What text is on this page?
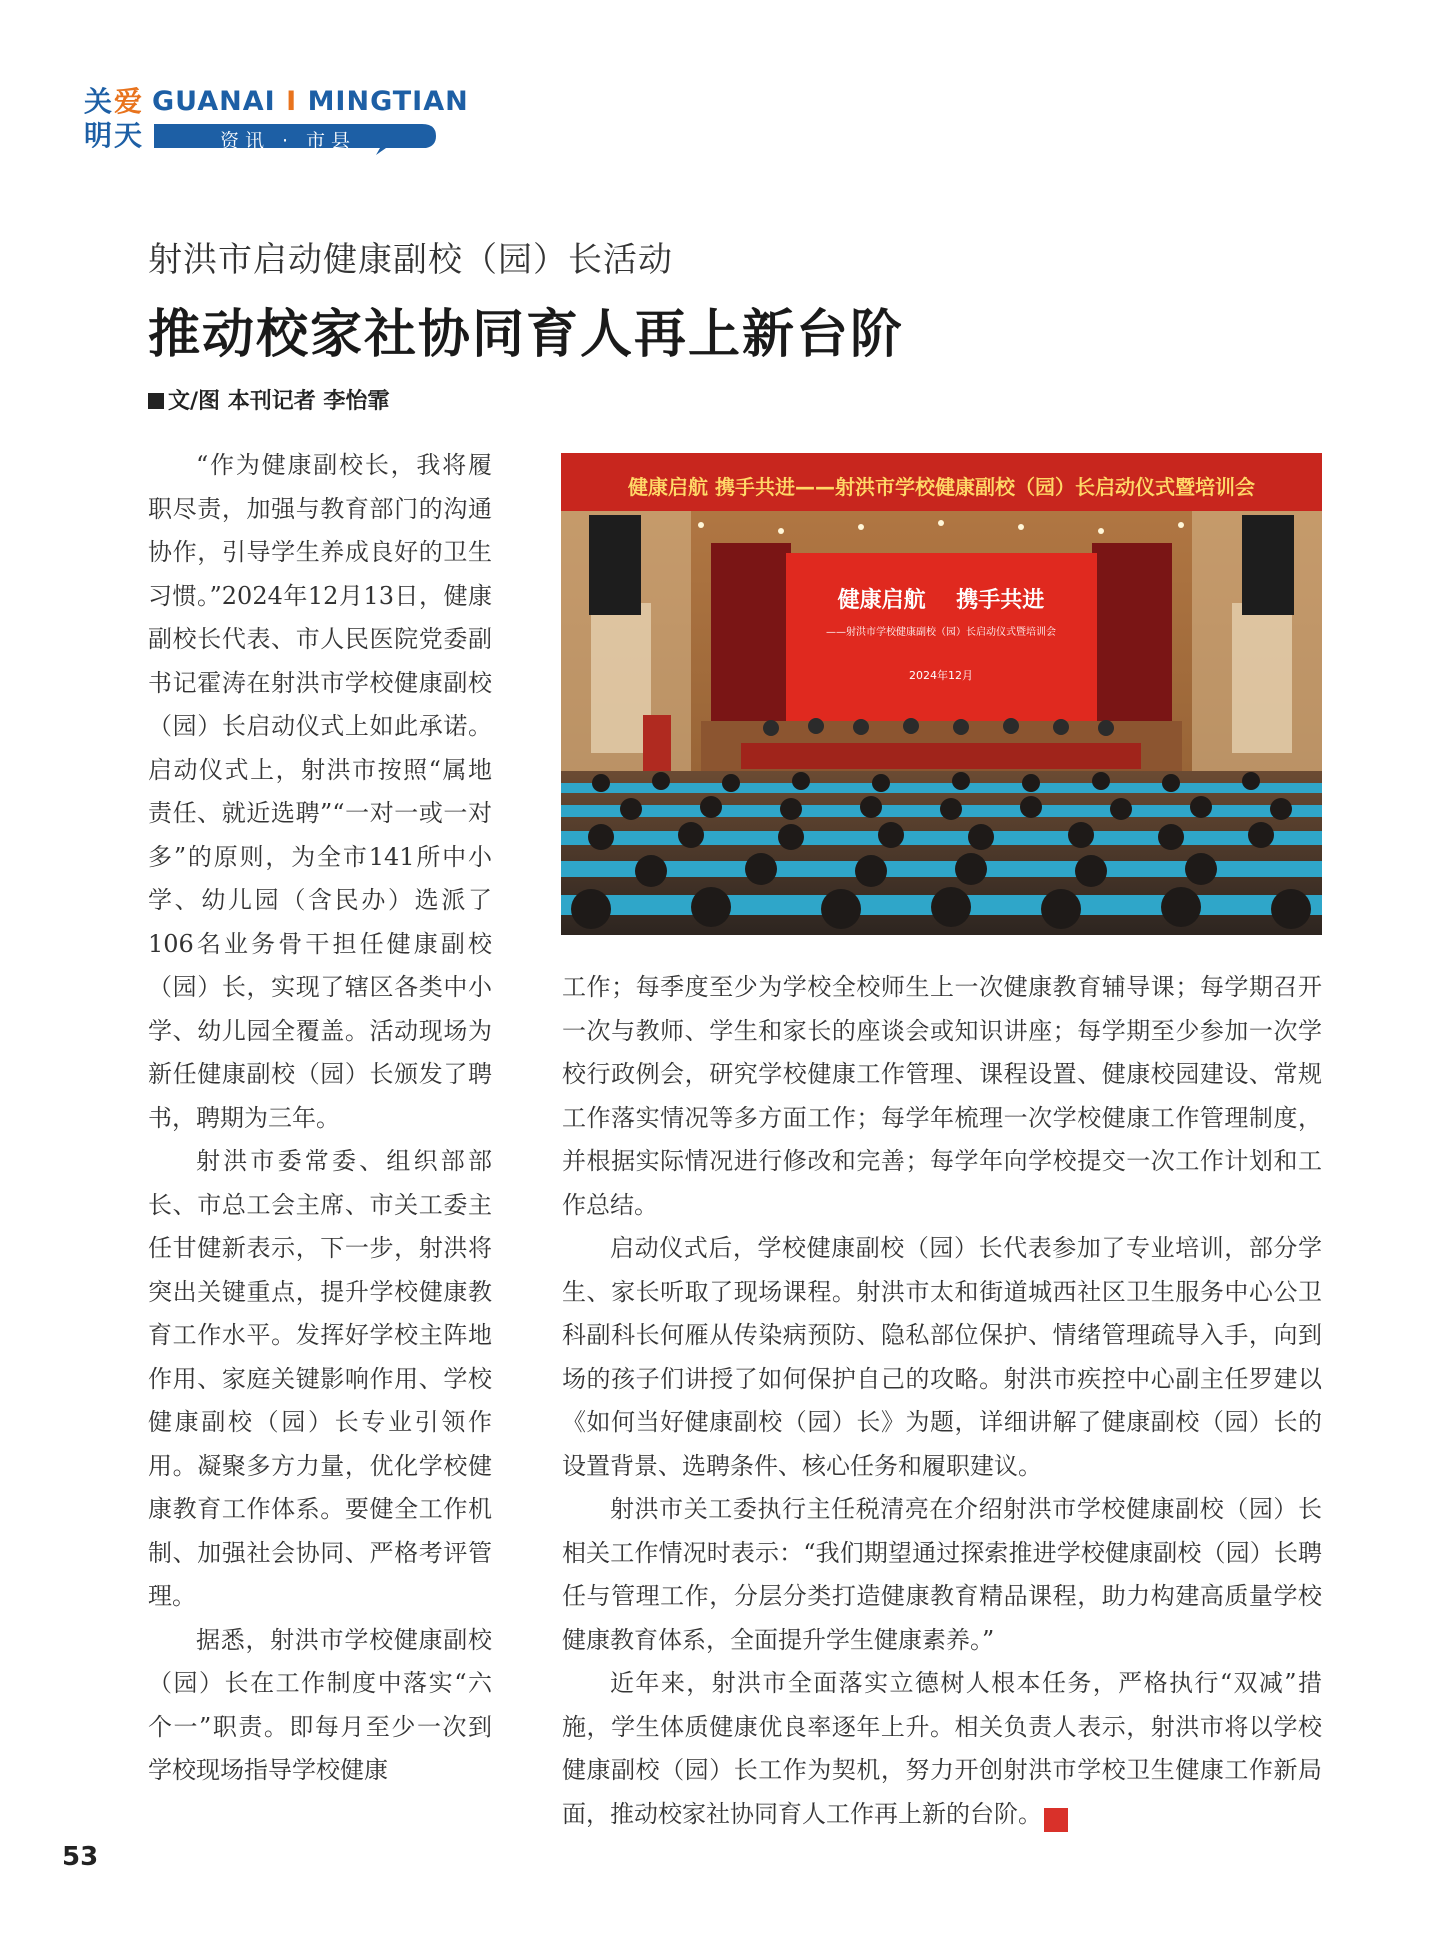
关 爱
明 天
GUANAI I MINGTIAN
资讯 · 市县
射洪市启动健康副校（园）长活动
推动校家社协同育人再上新台阶
文/图 本刊记者 李怡霏

“作为健康副校长，我将履职尽责，加强与教育部门的沟通协作，引导学生养成良好的卫生习惯。”2024年12月13日，健康副校长代表、市人民医院党委副书记霍涛在射洪市学校健康副校（园）长启动仪式上如此承诺。启动仪式上，射洪市按照“属地责任、就近选聘”“一对一或一对多”的原则，为全市141所中小学、幼儿园（含民办）选派了106名业务骨干担任健康副校（园）长，实现了辖区各类中小学、幼儿园全覆盖。活动现场为新任健康副校（园）长颁发了聘书，聘期为三年。

射洪市委常委、组织部部长、市总工会主席、市关工委主任甘健新表示，下一步，射洪将突出关键重点，提升学校健康教育工作水平。发挥好学校主阵地作用、家庭关键影响作用、学校健康副校（园）长专业引领作用。凝聚多方力量，优化学校健康教育工作体系。要健全工作机制、加强社会协同、严格考评管理。

据悉，射洪市学校健康副校（园）长在工作制度中落实“六个一”职责。即每月至少一次到学校现场指导学校健康

健康启航 携手共进——射洪市学校健康副校（园）长启动仪式暨培训会
健康启航    携手共进
——射洪市学校健康副校（园）长启动仪式暨培训会
2024年12月

工作；每季度至少为学校全校师生上一次健康教育辅导课；每学期召开一次与教师、学生和家长的座谈会或知识讲座；每学期至少参加一次学校行政例会，研究学校健康工作管理、课程设置、健康校园建设、常规工作落实情况等多方面工作；每学年梳理一次学校健康工作管理制度，并根据实际情况进行修改和完善；每学年向学校提交一次工作计划和工作总结。

启动仪式后，学校健康副校（园）长代表参加了专业培训，部分学生、家长听取了现场课程。射洪市太和街道城西社区卫生服务中心公卫科副科长何雁从传染病预防、隐私部位保护、情绪管理疏导入手，向到场的孩子们讲授了如何保护自己的攻略。射洪市疾控中心副主任罗建以《如何当好健康副校（园）长》为题，详细讲解了健康副校（园）长的设置背景、选聘条件、核心任务和履职建议。

射洪市关工委执行主任税清亮在介绍射洪市学校健康副校（园）长相关工作情况时表示：“我们期望通过探索推进学校健康副校（园）长聘任与管理工作，分层分类打造健康教育精品课程，助力构建高质量学校健康教育体系，全面提升学生健康素养。”

近年来，射洪市全面落实立德树人根本任务，严格执行“双减”措施，学生体质健康优良率逐年上升。相关负责人表示，射洪市将以学校健康副校（园）长工作为契机，努力开创射洪市学校卫生健康工作新局面，推动校家社协同育人工作再上新的台阶。	天

53
